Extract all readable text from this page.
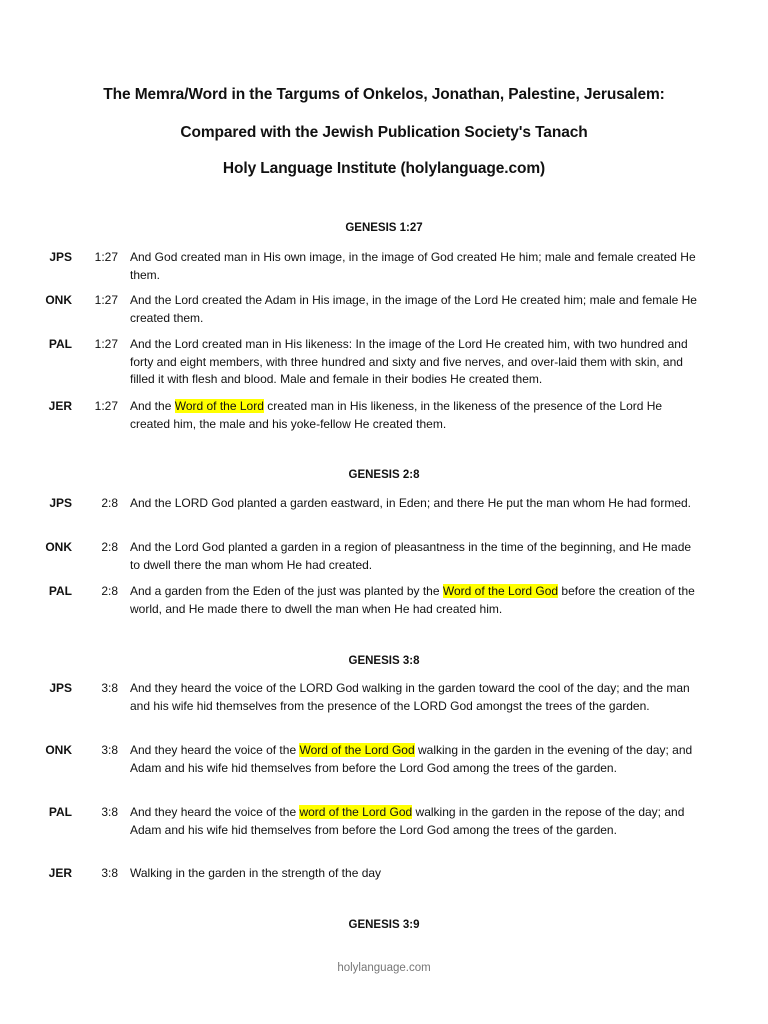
The Memra/Word in the Targums of Onkelos, Jonathan, Palestine, Jerusalem:
Compared with the Jewish Publication Society's Tanach
Holy Language Institute (holylanguage.com)
GENESIS 1:27
JPS	1:27 And God created man in His own image, in the image of God created He him; male and female created He them.
ONK	1:27 And the Lord created the Adam in His image, in the image of the Lord He created him; male and female He created them.
PAL	1:27 And the Lord created man in His likeness: In the image of the Lord He created him, with two hundred and forty and eight members, with three hundred and sixty and five nerves, and over-laid them with skin, and filled it with flesh and blood. Male and female in their bodies He created them.
JER	1:27 And the Word of the Lord created man in His likeness, in the likeness of the presence of the Lord He created him, the male and his yoke-fellow He created them.
GENESIS 2:8
JPS	2:8 And the LORD God planted a garden eastward, in Eden; and there He put the man whom He had formed.
ONK	2:8 And the Lord God planted a garden in a region of pleasantness in the time of the beginning, and He made to dwell there the man whom He had created.
PAL	2:8 And a garden from the Eden of the just was planted by the Word of the Lord God before the creation of the world, and He made there to dwell the man when He had created him.
GENESIS 3:8
JPS	3:8 And they heard the voice of the LORD God walking in the garden toward the cool of the day; and the man and his wife hid themselves from the presence of the LORD God amongst the trees of the garden.
ONK	3:8 And they heard the voice of the Word of the Lord God walking in the garden in the evening of the day; and Adam and his wife hid themselves from before the Lord God among the trees of the garden.
PAL	3:8 And they heard the voice of the word of the Lord God walking in the garden in the repose of the day; and Adam and his wife hid themselves from before the Lord God among the trees of the garden.
JER	3:8 Walking in the garden in the strength of the day
GENESIS 3:9
holylanguage.com
